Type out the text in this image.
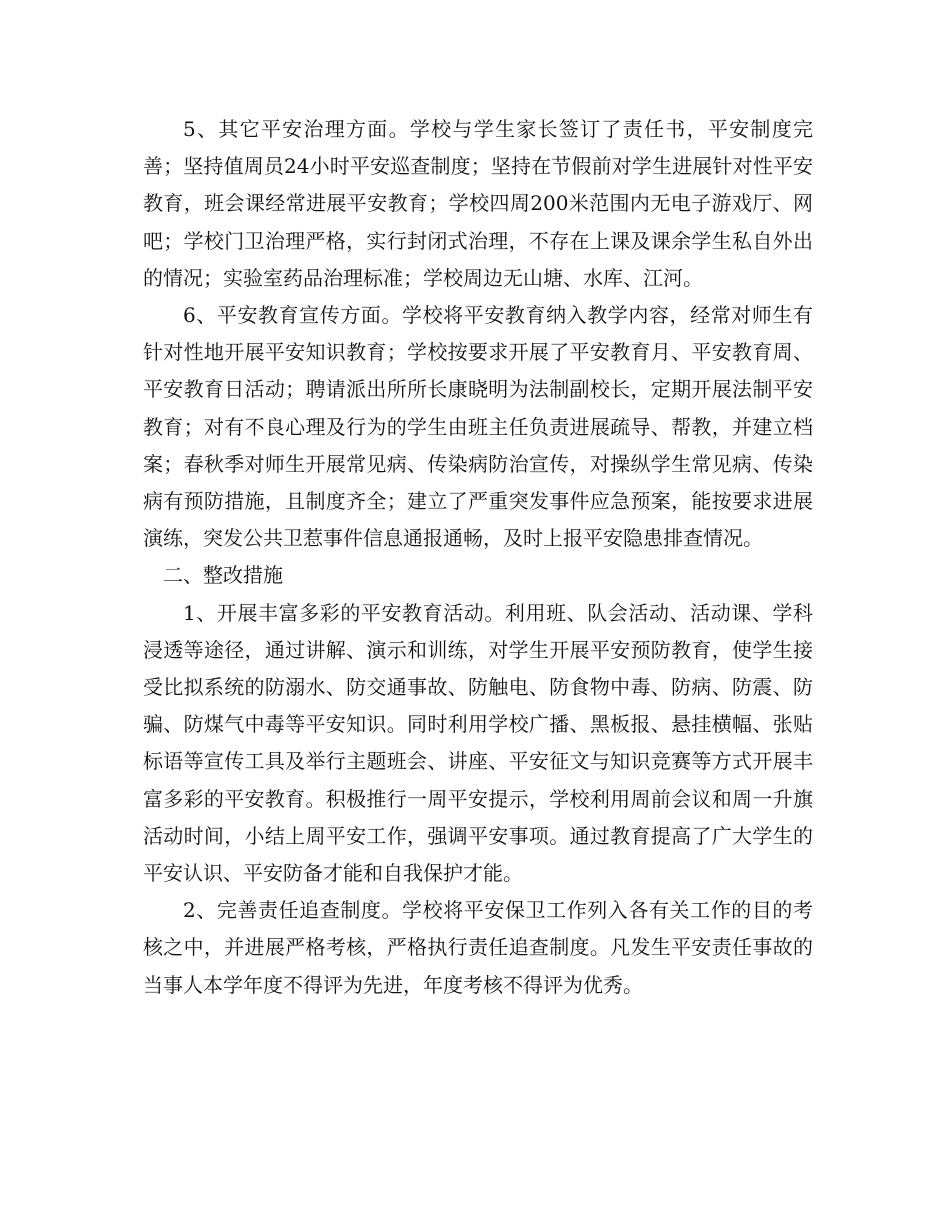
5、其它平安治理方面。学校与学生家长签订了责任书，平安制度完善；坚持值周员24小时平安巡查制度；坚持在节假前对学生进展针对性平安教育，班会课经常进展平安教育；学校四周200米范围内无电子游戏厅、网吧；学校门卫治理严格，实行封闭式治理，不存在上课及课余学生私自外出的情况；实验室药品治理标准；学校周边无山塘、水库、江河。

6、平安教育宣传方面。学校将平安教育纳入教学内容，经常对师生有针对性地开展平安知识教育；学校按要求开展了平安教育月、平安教育周、平安教育日活动；聘请派出所所长康晓明为法制副校长，定期开展法制平安教育；对有不良心理及行为的学生由班主任负责进展疏导、帮教，并建立档案；春秋季对师生开展常见病、传染病防治宣传，对操纵学生常见病、传染病有预防措施，且制度齐全；建立了严重突发事件应急预案，能按要求进展演练，突发公共卫惹事件信息通报通畅，及时上报平安隐患排查情况。

二、整改措施

1、开展丰富多彩的平安教育活动。利用班、队会活动、活动课、学科浸透等途径，通过讲解、演示和训练，对学生开展平安预防教育，使学生接受比拟系统的防溺水、防交通事故、防触电、防食物中毒、防病、防震、防骗、防煤气中毒等平安知识。同时利用学校广播、黑板报、悬挂横幅、张贴标语等宣传工具及举行主题班会、讲座、平安征文与知识竞赛等方式开展丰富多彩的平安教育。积极推行一周平安提示，学校利用周前会议和周一升旗活动时间，小结上周平安工作，强调平安事项。通过教育提高了广大学生的平安认识、平安防备才能和自我保护才能。

2、完善责任追查制度。学校将平安保卫工作列入各有关工作的目的考核之中，并进展严格考核，严格执行责任追查制度。凡发生平安责任事故的当事人本学年度不得评为先进，年度考核不得评为优秀。
